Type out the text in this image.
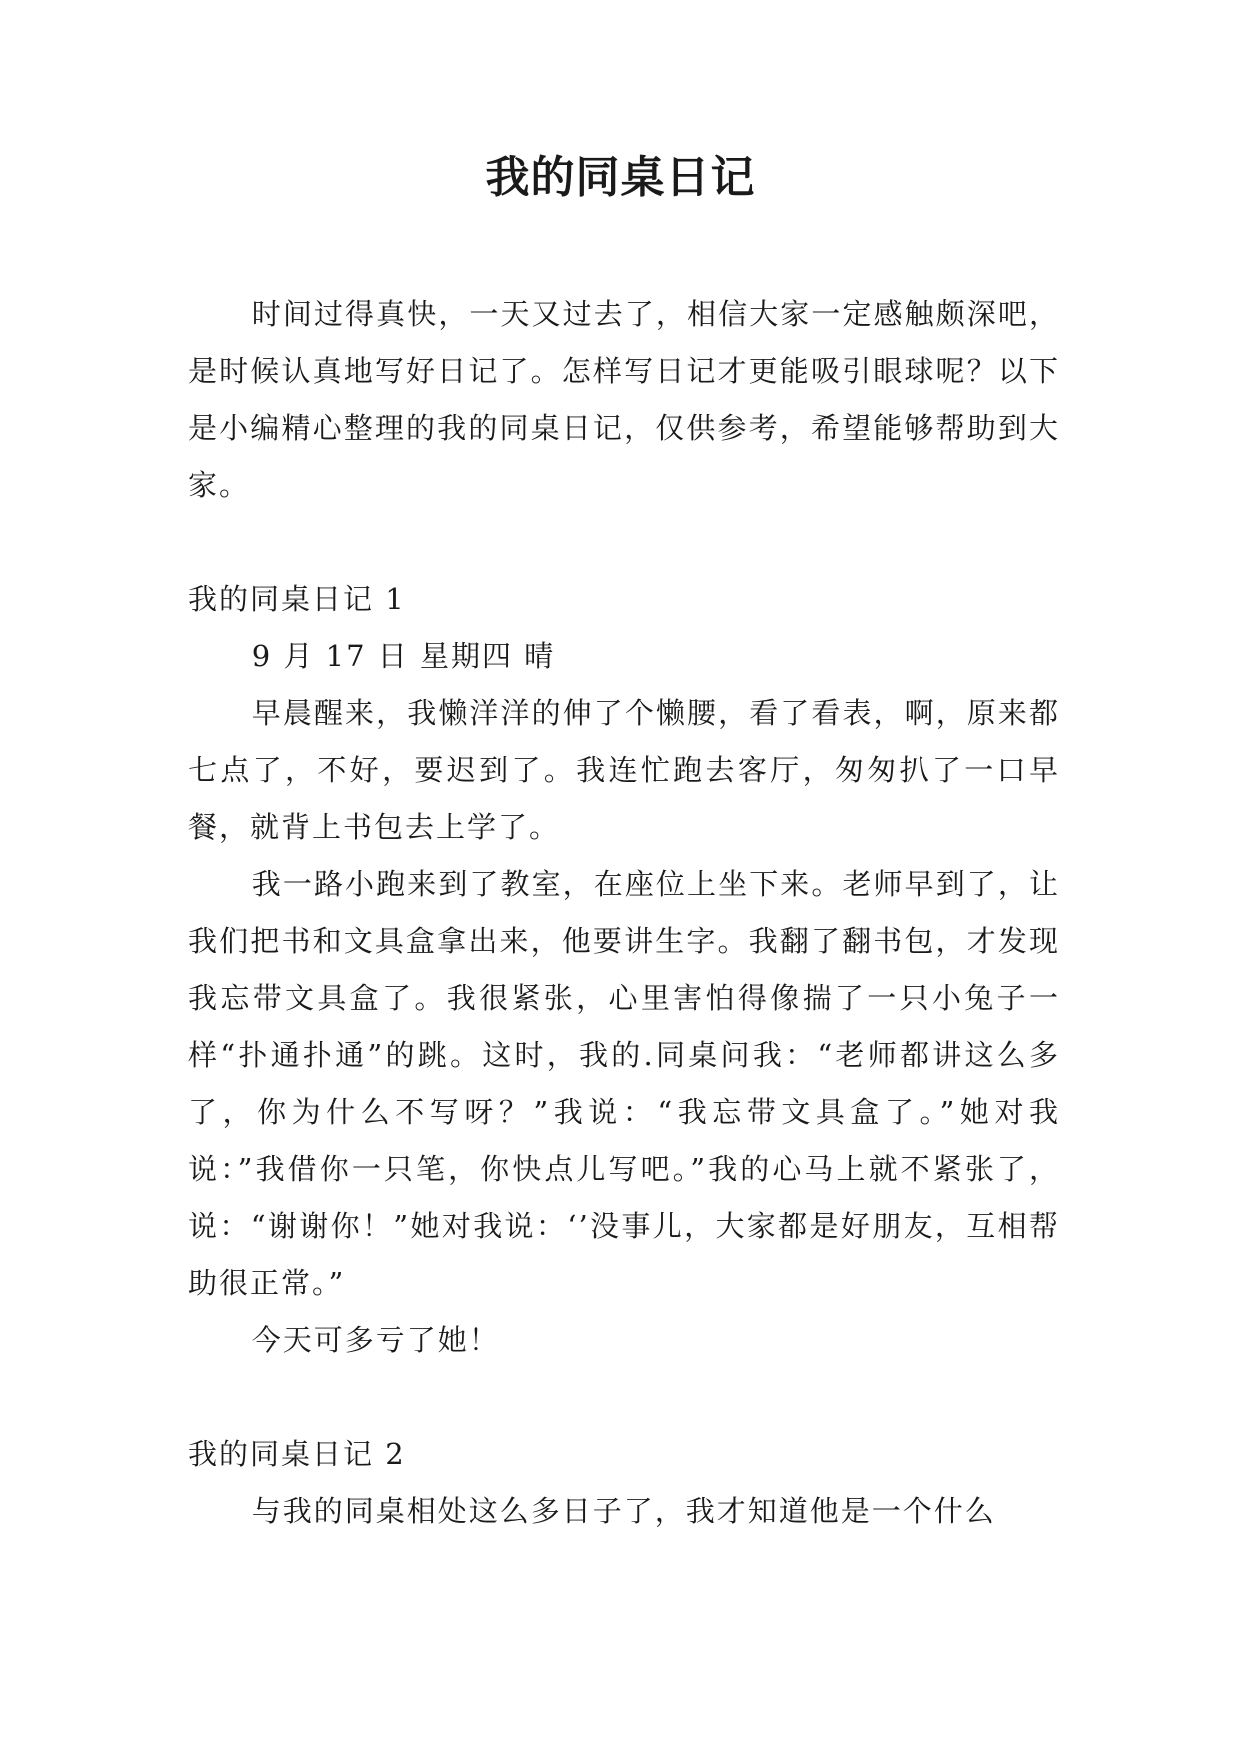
我的同桌日记

时间过得真快，一天又过去了，相信大家一定感触颇深吧，是时候认真地写好日记了。怎样写日记才更能吸引眼球呢？以下是小编精心整理的我的同桌日记，仅供参考，希望能够帮助到大家。

我的同桌日记 1

9 月 17 日 星期四 晴

早晨醒来，我懒洋洋的伸了个懒腰，看了看表，啊，原来都七点了，不好，要迟到了。我连忙跑去客厅，匆匆扒了一口早餐，就背上书包去上学了。

我一路小跑来到了教室，在座位上坐下来。老师早到了，让我们把书和文具盒拿出来，他要讲生字。我翻了翻书包，才发现我忘带文具盒了。我很紧张，心里害怕得像揣了一只小兔子一样“扑通扑通”的跳。这时，我的.同桌问我：“老师都讲这么多了，你为什么不写呀？”我说：“我忘带文具盒了。”她对我说：”我借你一只笔，你快点儿写吧。”我的心马上就不紧张了，说：“谢谢你！”她对我说：‘’没事儿，大家都是好朋友，互相帮助很正常。”

今天可多亏了她！

我的同桌日记 2

与我的同桌相处这么多日子了，我才知道他是一个什么
